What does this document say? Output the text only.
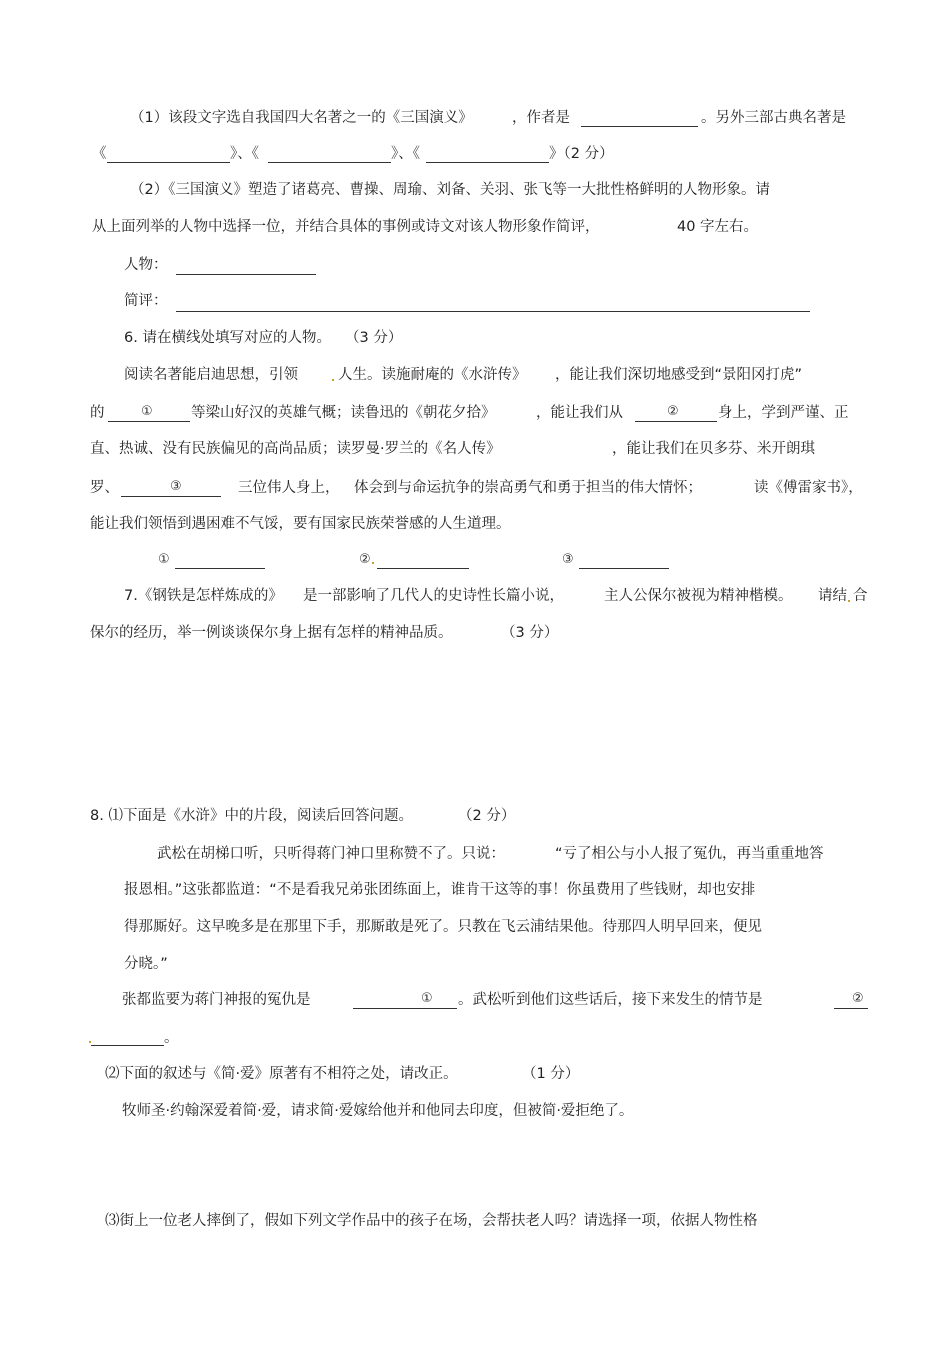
（1）该段文字选自我国四大名著之一的《三国演义》	，作者是	。另外三部古典名著是
《	》、《	》、《	》（2 分）
（2）《三国演义》塑造了诸葛亮、曹操、周瑜、刘备、关羽、张飞等一大批性格鲜明的人物形象。请
从上面列举的人物中选择一位，并结合具体的事例或诗文对该人物形象作简评，	40 字左右。
人物：
简评：
6. 请在横线处填写对应的人物。 （3 分）
阅读名著能启迪思想，引领	人生。读施耐庵的《水浒传》 ，能让我们深切地感受到“景阳冈打虎”
的	①	等梁山好汉的英雄气概；读鲁迅的《朝花夕拾》	，能让我们从	②	身上，学到严谨、正
直、热诚、没有民族偏见的高尚品质；读罗曼·罗兰的《名人传》	，能让我们在贝多芬、米开朗琪
罗、	③	三位伟人身上， 体会到与命运抗争的崇高勇气和勇于担当的伟大情怀；	读《傅雷家书》，
能让我们领悟到遇困难不气馁，要有国家民族荣誉感的人生道理。
①	②	③
7.《钢铁是怎样炼成的》 是一部影响了几代人的史诗性长篇小说，	主人公保尔被视为精神楷模。 请结 合
保尔的经历，举一例谈谈保尔身上据有怎样的精神品质。	（3 分）
8. ⑴下面是《水浒》中的片段，阅读后回答问题。	（2 分）
武松在胡梯口听，只听得蒋门神口里称赞不了。只说：	“亏了相公与小人报了冤仇，再当重重地答
报恩相。”这张都监道：“不是看我兄弟张团练面上，谁肯干这等的事！你虽费用了些钱财，却也安排
得那厮好。这早晚多是在那里下手，那厮敢是死了。只教在飞云浦结果他。待那四人明早回来，便见
分晓。”
张都监要为蒋门神报的冤仇是	① 。武松听到他们这些话后，接下来发生的情节是	②
。
⑵下面的叙述与《简·爱》原著有不相符之处，请改正。	（1 分）
牧师圣·约翰深爱着简·爱，请求简·爱嫁给他并和他同去印度，但被简·爱拒绝了。
⑶街上一位老人摔倒了，假如下列文学作品中的孩子在场，会帮扶老人吗？请选择一项，依据人物性格
